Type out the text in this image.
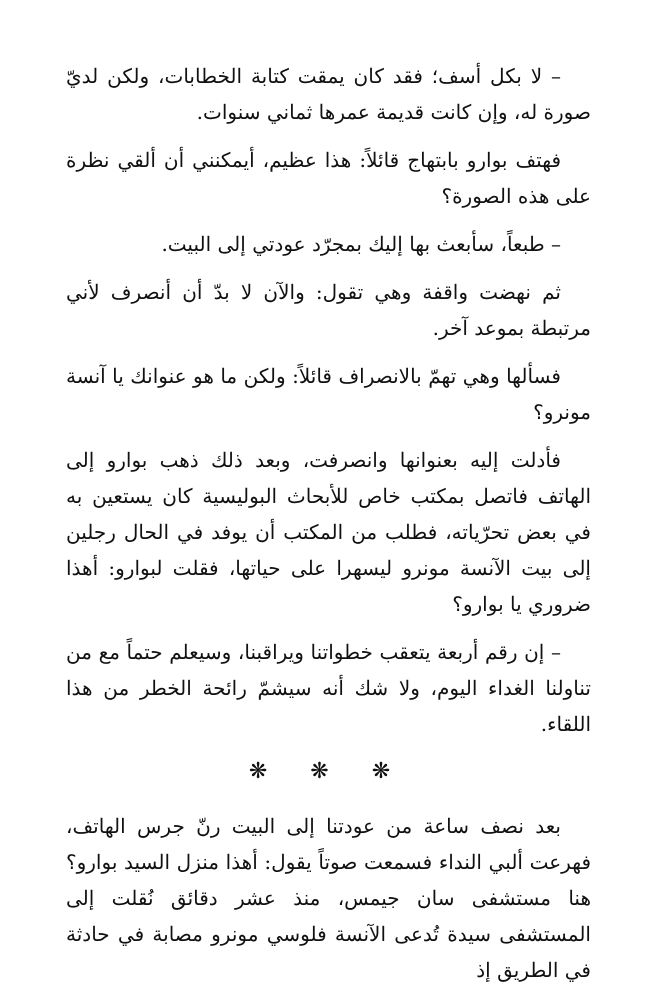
– لا بكل أسف؛ فقد كان يمقت كتابة الخطابات، ولكن لديّ صورة له، وإن كانت قديمة عمرها ثماني سنوات.

فهتف بوارو بابتهاج قائلاً: هذا عظيم، أيمكنني أن ألقي نظرة على هذه الصورة؟

– طبعاً، سأبعث بها إليك بمجرّد عودتي إلى البيت.

ثم نهضت واقفة وهي تقول: والآن لا بدّ أن أنصرف لأني مرتبطة بموعد آخر.

فسألها وهي تهمّ بالانصراف قائلاً: ولكن ما هو عنوانك يا آنسة مونرو؟

فأدلت إليه بعنوانها وانصرفت، وبعد ذلك ذهب بوارو إلى الهاتف فاتصل بمكتب خاص للأبحاث البوليسية كان يستعين به في بعض تحرّياته، فطلب من المكتب أن يوفد في الحال رجلين إلى بيت الآنسة مونرو ليسهرا على حياتها، فقلت لبوارو: أهذا ضروري يا بوارو؟

– إن رقم أربعة يتعقب خطواتنا ويراقبنا، وسيعلم حتماً مع من تناولنا الغداء اليوم، ولا شك أنه سيشمّ رائحة الخطر من هذا اللقاء.

❋ ❋ ❋

بعد نصف ساعة من عودتنا إلى البيت رنّ جرس الهاتف، فهرعت ألبي النداء فسمعت صوتاً يقول: أهذا منزل السيد بوارو؟ هنا مستشفى سان جيمس، منذ عشر دقائق نُقلت إلى المستشفى سيدة تُدعى الآنسة فلوسي مونرو مصابة في حادثة في الطريق إذ
